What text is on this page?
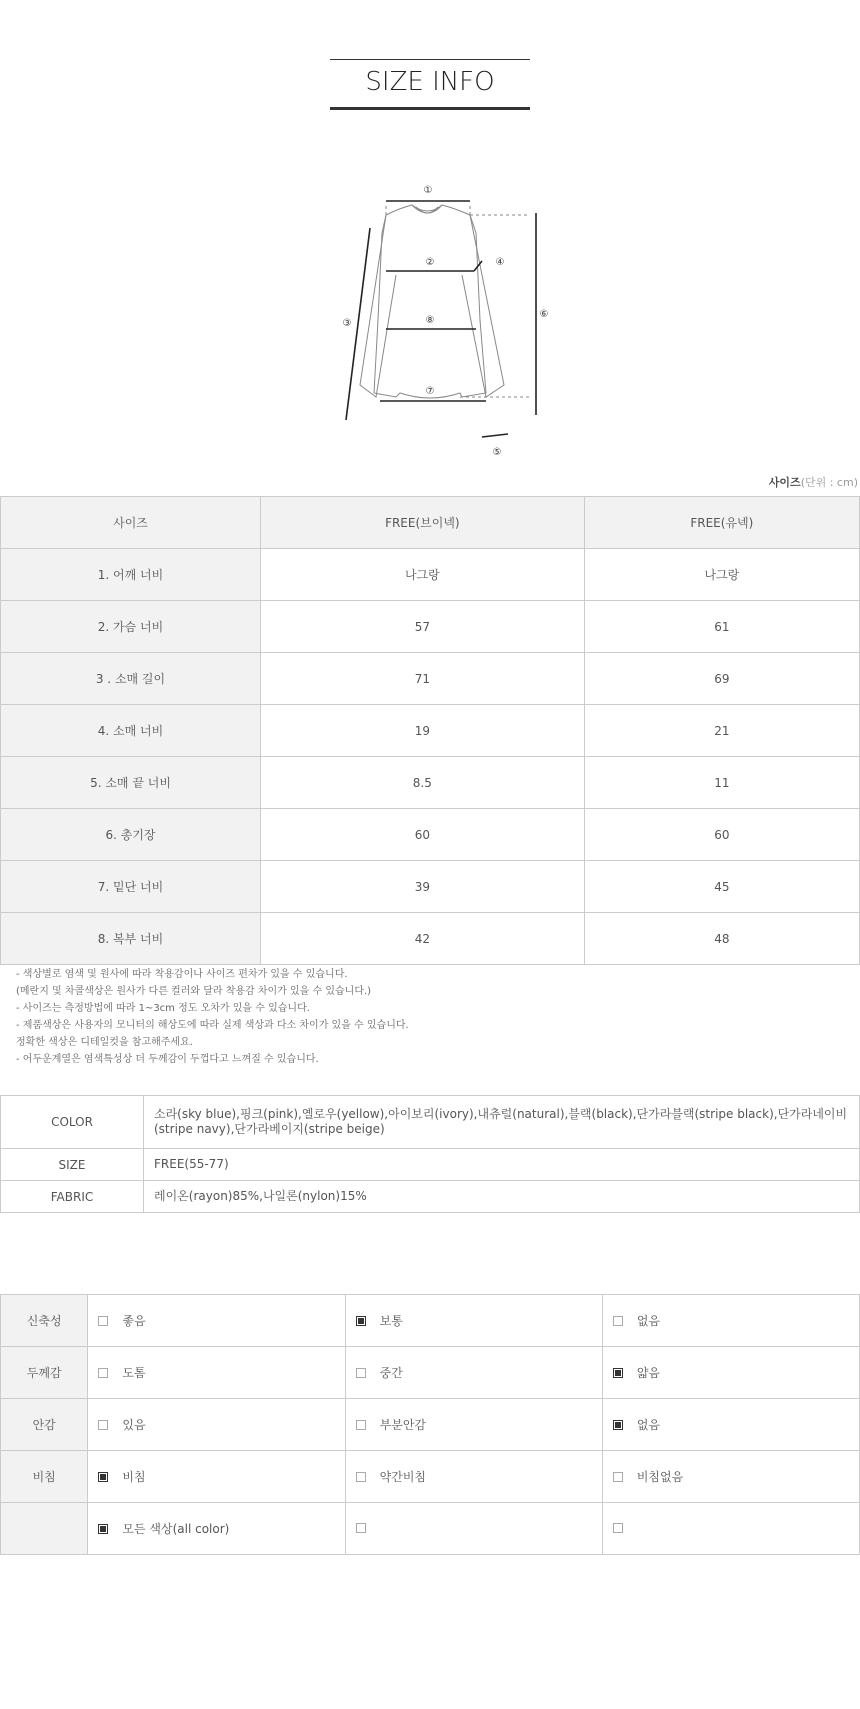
SIZE INFO
①
②
③
④
⑤
⑥
⑦
⑧
사이즈(단위 : cm)
사이즈	FREE(브이넥)	FREE(유넥)
1. 어깨 너비	나그랑	나그랑
2. 가슴 너비	57	61
3 . 소매 길이	71	69
4. 소매 너비	19	21
5. 소매 끝 너비	8.5	11
6. 총기장	60	60
7. 밑단 너비	39	45
8. 복부 너비	42	48
- 색상별로 염색 및 원사에 따라 착용감이나 사이즈 편차가 있을 수 있습니다.
(메란지 및 차콜색상은 원사가 다른 컬러와 달라 착용감 차이가 있을 수 있습니다.)
- 사이즈는 측정방법에 따라 1~3cm 정도 오차가 있을 수 있습니다.
- 제품색상은 사용자의 모니터의 해상도에 따라 실제 색상과 다소 차이가 있을 수 있습니다.
정확한 색상은 디테일컷을 참고해주세요.
- 어두운계열은 염색특성상 더 두께감이 두껍다고 느껴질 수 있습니다.
COLOR	소라(sky blue),핑크(pink),옐로우(yellow),아이보리(ivory),내츄럴(natural),블랙(black),단가라블랙(stripe black),단가라네이비(stripe navy),단가라베이지(stripe beige)
SIZE	FREE(55-77)
FABRIC	레이온(rayon)85%,나일론(nylon)15%
신축성	좋음	보통	없음
두께감	도톰	중간	얇음
안감	있음	부분안감	없음
비침	비침	약간비침	비침없음
	모든 색상(all color)		
